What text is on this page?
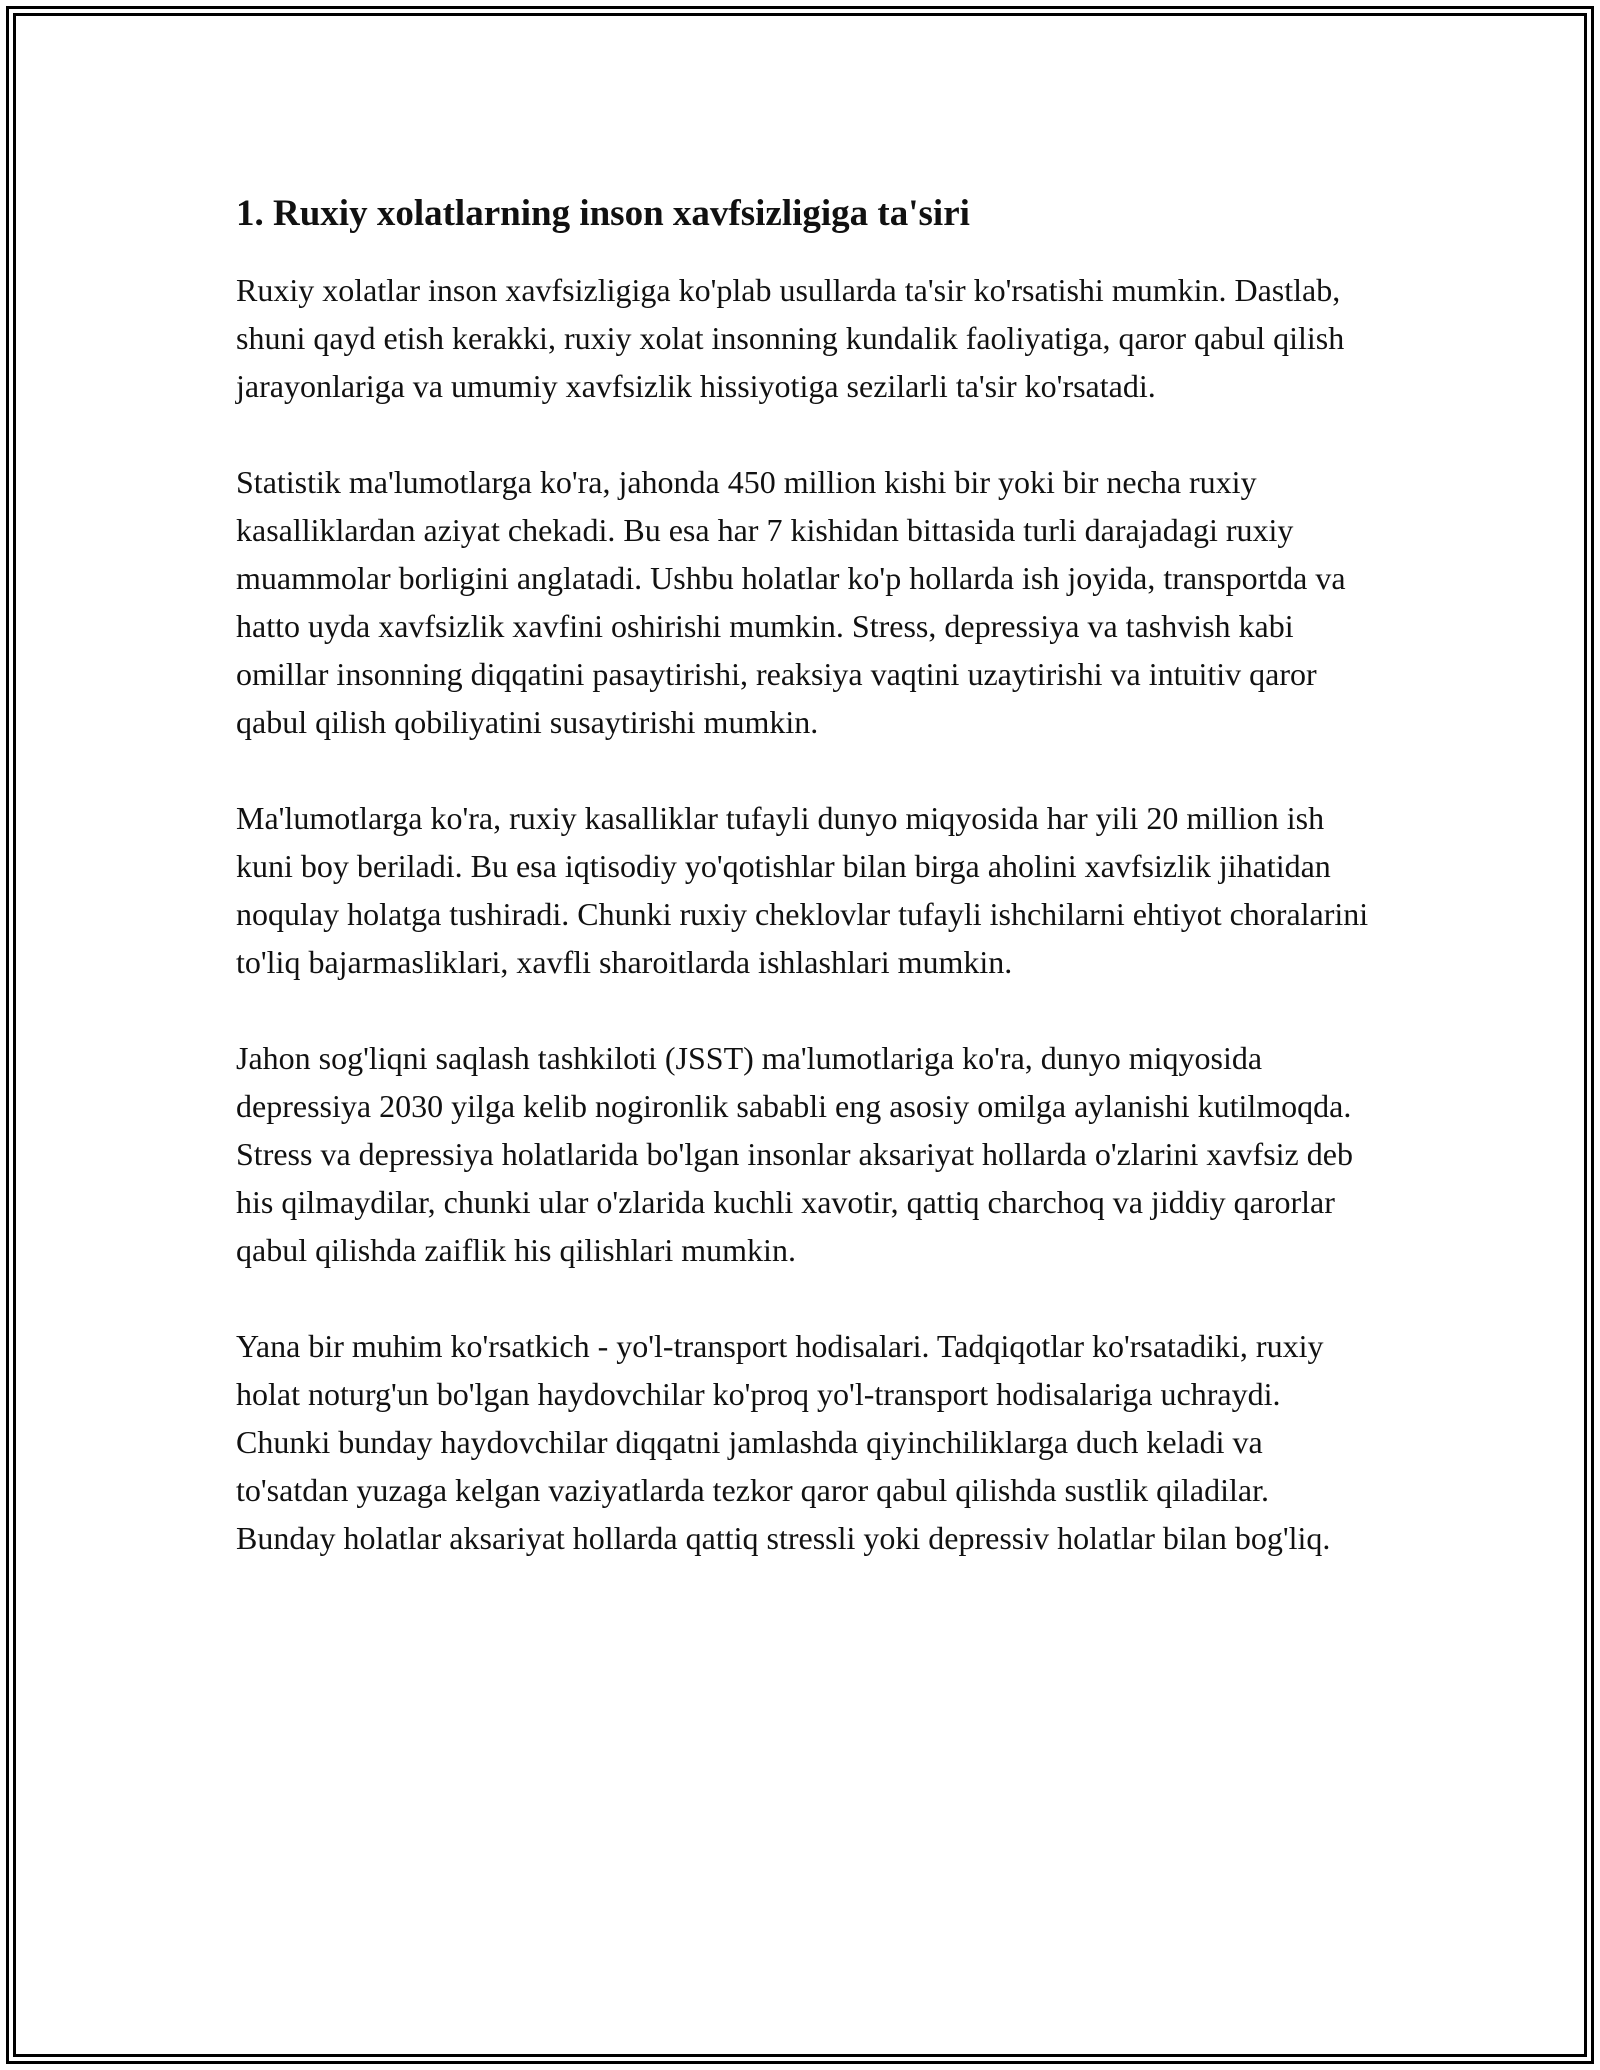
1. Ruxiy xolatlarning inson xavfsizligiga ta'siri

Ruxiy xolatlar inson xavfsizligiga ko'plab usullarda ta'sir ko'rsatishi mumkin. Dastlab, shuni qayd etish kerakki, ruxiy xolat insonning kundalik faoliyatiga, qaror qabul qilish jarayonlariga va umumiy xavfsizlik hissiyotiga sezilarli ta'sir ko'rsatadi.

Statistik ma'lumotlarga ko'ra, jahonda 450 million kishi bir yoki bir necha ruxiy kasalliklardan aziyat chekadi. Bu esa har 7 kishidan bittasida turli darajadagi ruxiy muammolar borligini anglatadi. Ushbu holatlar ko'p hollarda ish joyida, transportda va hatto uyda xavfsizlik xavfini oshirishi mumkin. Stress, depressiya va tashvish kabi omillar insonning diqqatini pasaytirishi, reaksiya vaqtini uzaytirishi va intuitiv qaror qabul qilish qobiliyatini susaytirishi mumkin.

Ma'lumotlarga ko'ra, ruxiy kasalliklar tufayli dunyo miqyosida har yili 20 million ish kuni boy beriladi. Bu esa iqtisodiy yo'qotishlar bilan birga aholini xavfsizlik jihatidan noqulay holatga tushiradi. Chunki ruxiy cheklovlar tufayli ishchilarni ehtiyot choralarini to'liq bajarmasliklari, xavfli sharoitlarda ishlashlari mumkin.

Jahon sog'liqni saqlash tashkiloti (JSST) ma'lumotlariga ko'ra, dunyo miqyosida depressiya 2030 yilga kelib nogironlik sababli eng asosiy omilga aylanishi kutilmoqda. Stress va depressiya holatlarida bo'lgan insonlar aksariyat hollarda o'zlarini xavfsiz deb his qilmaydilar, chunki ular o'zlarida kuchli xavotir, qattiq charchoq va jiddiy qarorlar qabul qilishda zaiflik his qilishlari mumkin.

Yana bir muhim ko'rsatkich - yo'l-transport hodisalari. Tadqiqotlar ko'rsatadiki, ruxiy holat noturg'un bo'lgan haydovchilar ko'proq yo'l-transport hodisalariga uchraydi. Chunki bunday haydovchilar diqqatni jamlashda qiyinchiliklarga duch keladi va to'satdan yuzaga kelgan vaziyatlarda tezkor qaror qabul qilishda sustlik qiladilar. Bunday holatlar aksariyat hollarda qattiq stressli yoki depressiv holatlar bilan bog'liq.
